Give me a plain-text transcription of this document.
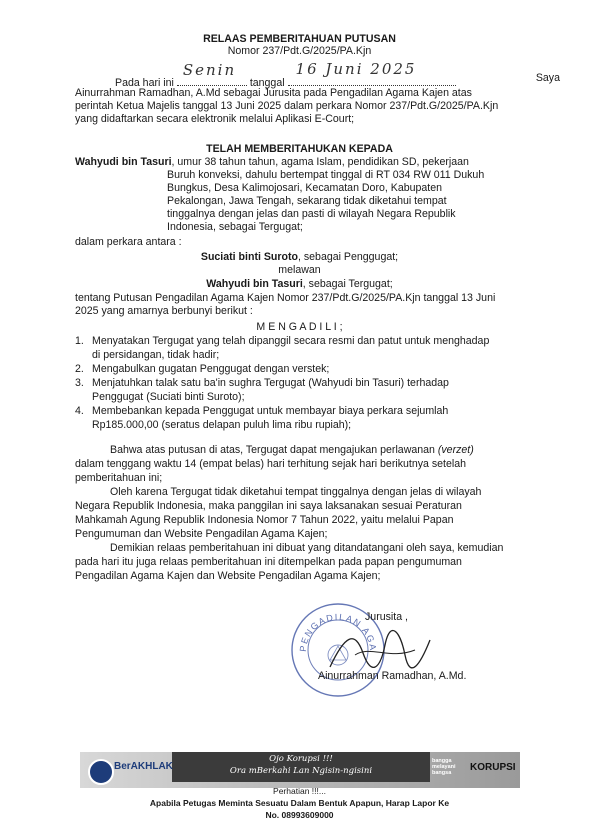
RELAAS PEMBERITAHUAN PUTUSAN
Nomor 237/Pdt.G/2025/PA.Kjn
Pada hari ini
Senin
tanggal
16 Juni 2025	Saya
Ainurrahman Ramadhan, A.Md sebagai Jurusita pada Pengadilan Agama Kajen atas
perintah Ketua Majelis tanggal 13 Juni 2025 dalam perkara Nomor 237/Pdt.G/2025/PA.Kjn
yang didaftarkan secara elektronik melalui Aplikasi E-Court;
TELAH MEMBERITAHUKAN KEPADA
Wahyudi bin Tasuri, umur 38 tahun tahun, agama Islam, pendidikan SD, pekerjaan
Buruh konveksi, dahulu bertempat tinggal di RT 034 RW 011 Dukuh
Bungkus, Desa Kalimojosari, Kecamatan Doro, Kabupaten
Pekalongan, Jawa Tengah, sekarang tidak diketahui tempat
tinggalnya dengan jelas dan pasti di wilayah Negara Republik
Indonesia, sebagai Tergugat;
dalam perkara antara :
Suciati binti Suroto, sebagai Penggugat;
melawan
Wahyudi bin Tasuri, sebagai Tergugat;
tentang Putusan Pengadilan Agama Kajen Nomor 237/Pdt.G/2025/PA.Kjn tanggal 13 Juni
2025 yang amarnya berbunyi berikut :
M E N G A D I L I ;
1. Menyatakan Tergugat yang telah dipanggil secara resmi dan patut untuk menghadap
di persidangan, tidak hadir;
2. Mengabulkan gugatan Penggugat dengan verstek;
3. Menjatuhkan talak satu ba'in sughra Tergugat (Wahyudi bin Tasuri) terhadap
Penggugat (Suciati binti Suroto);
4. Membebankan kepada Penggugat untuk membayar biaya perkara sejumlah
Rp185.000,00 (seratus delapan puluh lima ribu rupiah);
Bahwa atas putusan di atas, Tergugat dapat mengajukan perlawanan (verzet)
dalam tenggang waktu 14 (empat belas) hari terhitung sejak hari berikutnya setelah
pemberitahuan ini;
Oleh karena Tergugat tidak diketahui tempat tinggalnya dengan jelas di wilayah
Negara Republik Indonesia, maka panggilan ini saya laksanakan sesuai Peraturan
Mahkamah Agung Republik Indonesia Nomor 7 Tahun 2022, yaitu melalui Papan
Pengumuman dan Website Pengadilan Agama Kajen;
Demikian relaas pemberitahuan ini dibuat yang ditandatangani oleh saya, kemudian
pada hari itu juga relaas pemberitahuan ini ditempelkan pada papan pengumuman
Pengadilan Agama Kajen dan Website Pengadilan Agama Kajen;
PENGADILAN AGA
Jurusita ,
Ainurrahman Ramadhan, A.Md.
BerAKHLAK
Ojo Korupsi !!!
Ora mBerkahi Lan Ngisin-ngisini
bangga melayani bangsa	KORUPSI
Perhatian !!!...
Apabila Petugas Meminta Sesuatu Dalam Bentuk Apapun, Harap Lapor Ke
No. 08993609000
